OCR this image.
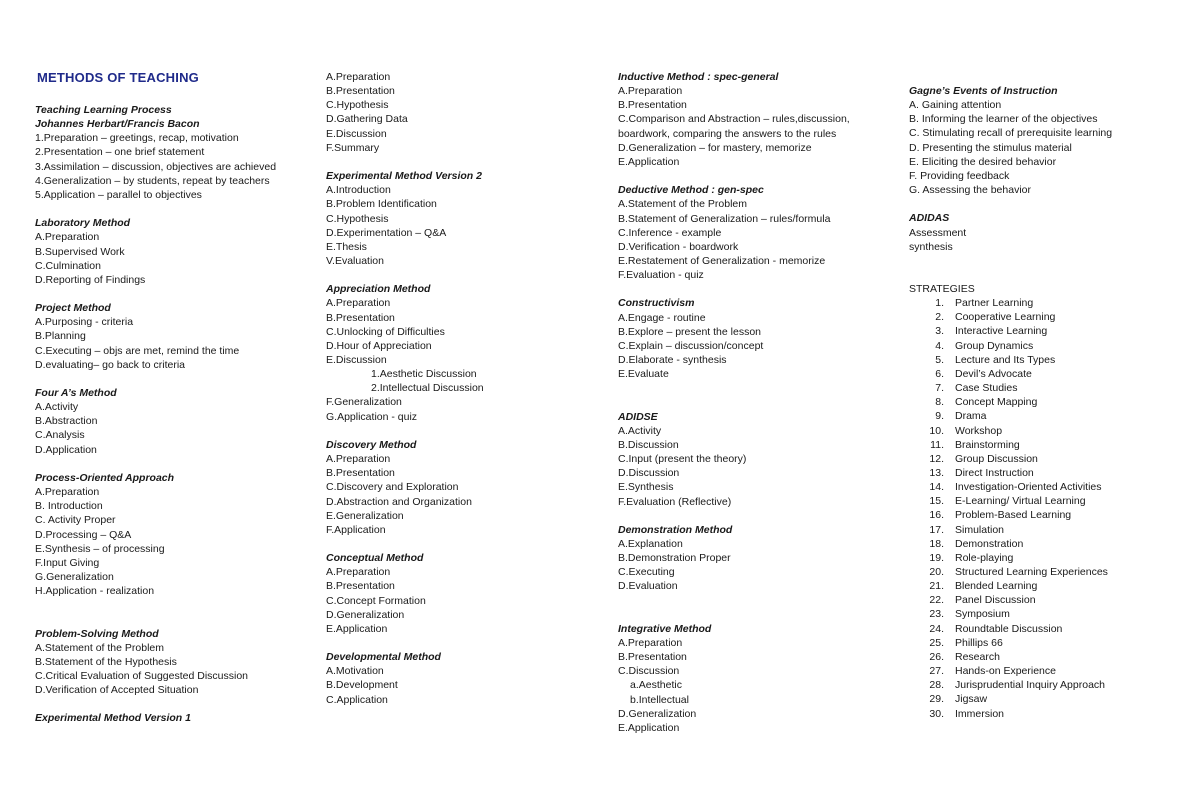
METHODS OF TEACHING
Teaching Learning Process
Johannes Herbart/Francis Bacon
1.Preparation – greetings, recap, motivation
2.Presentation – one brief statement
3.Assimilation – discussion, objectives are achieved
4.Generalization – by students, repeat by teachers
5.Application – parallel to objectives
Laboratory Method
A.Preparation
B.Supervised Work
C.Culmination
D.Reporting of Findings
Project Method
A.Purposing - criteria
B.Planning
C.Executing – objs are met, remind the time
D.evaluating– go back to criteria
Four A’s Method
A.Activity
B.Abstraction
C.Analysis
D.Application
Process-Oriented Approach
A.Preparation
B. Introduction
C. Activity Proper
D.Processing – Q&A
E.Synthesis – of processing
F.Input Giving
G.Generalization
H.Application - realization
Problem-Solving Method
A.Statement of the Problem
B.Statement of the Hypothesis
C.Critical Evaluation of Suggested Discussion
D.Verification of Accepted Situation
Experimental Method Version 1
A.Preparation
B.Presentation
C.Hypothesis
D.Gathering Data
E.Discussion
F.Summary
Experimental Method Version 2
A.Introduction
B.Problem Identification
C.Hypothesis
D.Experimentation – Q&A
E.Thesis
V.Evaluation
Appreciation Method
A.Preparation
B.Presentation
C.Unlocking of Difficulties
D.Hour of Appreciation
E.Discussion
1.Aesthetic Discussion
2.Intellectual Discussion
F.Generalization
G.Application - quiz
Discovery Method
A.Preparation
B.Presentation
C.Discovery and Exploration
D.Abstraction and Organization
E.Generalization
F.Application
Conceptual Method
A.Preparation
B.Presentation
C.Concept Formation
D.Generalization
E.Application
Developmental Method
A.Motivation
B.Development
C.Application
Inductive Method : spec-general
A.Preparation
B.Presentation
C.Comparison and Abstraction – rules,discussion,
boardwork, comparing the answers to the rules
D.Generalization – for mastery, memorize
E.Application
Deductive Method : gen-spec
A.Statement of the Problem
B.Statement of Generalization – rules/formula
C.Inference - example
D.Verification - boardwork
E.Restatement of Generalization - memorize
F.Evaluation - quiz
Constructivism
A.Engage - routine
B.Explore – present the lesson
C.Explain – discussion/concept
D.Elaborate - synthesis
E.Evaluate
ADIDSE
A.Activity
B.Discussion
C.Input (present the theory)
D.Discussion
E.Synthesis
F.Evaluation (Reflective)
Demonstration Method
A.Explanation
B.Demonstration Proper
C.Executing
D.Evaluation
Integrative Method
A.Preparation
B.Presentation
C.Discussion
a.Aesthetic
b.Intellectual
D.Generalization
E.Application
Gagne’s Events of Instruction
A. Gaining attention
B. Informing the learner of the objectives
C. Stimulating recall of prerequisite learning
D. Presenting the stimulus material
E. Eliciting the desired behavior
F. Providing feedback
G. Assessing the behavior
ADIDAS
Assessment
synthesis
STRATEGIES
1. Partner Learning
2. Cooperative Learning
3. Interactive Learning
4. Group Dynamics
5. Lecture and Its Types
6. Devil’s Advocate
7. Case Studies
8. Concept Mapping
9. Drama
10. Workshop
11. Brainstorming
12. Group Discussion
13. Direct Instruction
14. Investigation-Oriented Activities
15. E-Learning/ Virtual Learning
16. Problem-Based Learning
17. Simulation
18. Demonstration
19. Role-playing
20. Structured Learning Experiences
21. Blended Learning
22. Panel Discussion
23. Symposium
24. Roundtable Discussion
25. Phillips 66
26. Research
27. Hands-on Experience
28. Jurisprudential Inquiry Approach
29. Jigsaw
30. Immersion
